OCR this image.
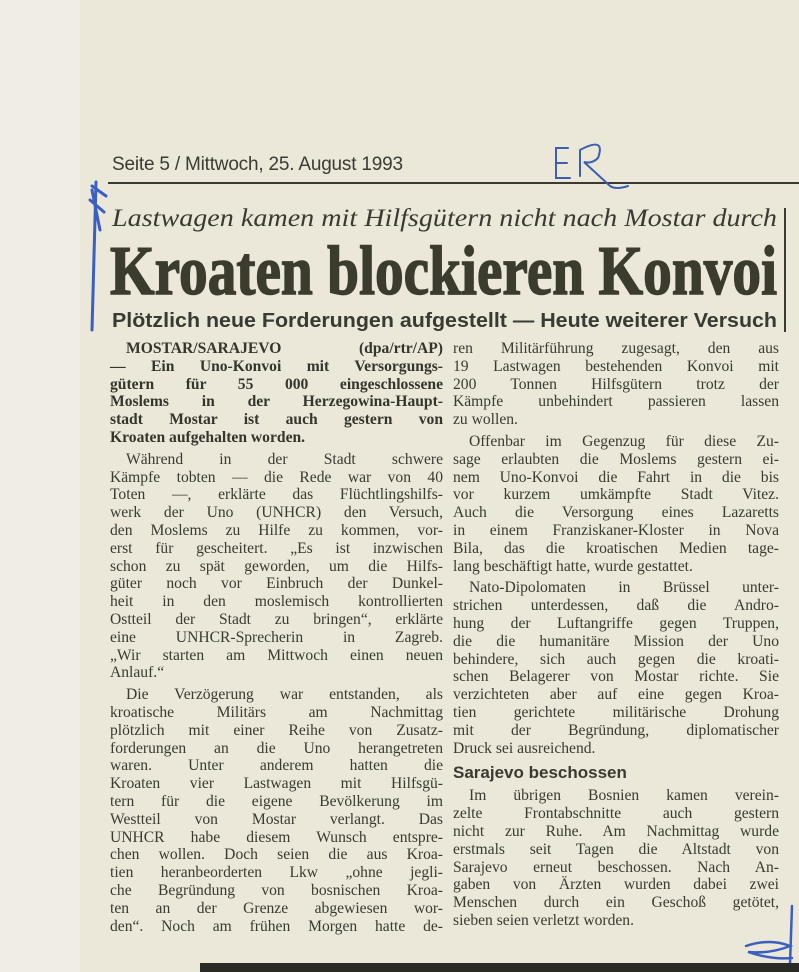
Seite 5 / Mittwoch, 25. August 1993
Lastwagen kamen mit Hilfsgütern nicht nach Mostar durch
Kroaten blockieren Konvoi
Plötzlich neue Forderungen aufgestellt — Heute weiterer Versuch
MOSTAR/SARAJEVO (dpa/rtr/AP)
— Ein Uno-Konvoi mit Versorgungs-
gütern für 55 000 eingeschlossene
Moslems in der Herzegowina-Haupt-
stadt Mostar ist auch gestern von
Kroaten aufgehalten worden.
Während in der Stadt schwere
Kämpfe tobten — die Rede war von 40
Toten —, erklärte das Flüchtlingshilfs-
werk der Uno (UNHCR) den Versuch,
den Moslems zu Hilfe zu kommen, vor-
erst für gescheitert. „Es ist inzwischen
schon zu spät geworden, um die Hilfs-
güter noch vor Einbruch der Dunkel-
heit in den moslemisch kontrollierten
Ostteil der Stadt zu bringen“, erklärte
eine UNHCR-Sprecherin in Zagreb.
„Wir starten am Mittwoch einen neuen
Anlauf.“
Die Verzögerung war entstanden, als
kroatische Militärs am Nachmittag
plötzlich mit einer Reihe von Zusatz-
forderungen an die Uno herangetreten
waren. Unter anderem hatten die
Kroaten vier Lastwagen mit Hilfsgü-
tern für die eigene Bevölkerung im
Westteil von Mostar verlangt. Das
UNHCR habe diesem Wunsch entspre-
chen wollen. Doch seien die aus Kroa-
tien heranbeorderten Lkw „ohne jegli-
che Begründung von bosnischen Kroa-
ten an der Grenze abgewiesen wor-
den“. Noch am frühen Morgen hatte de-
ren Militärführung zugesagt, den aus
19 Lastwagen bestehenden Konvoi mit
200 Tonnen Hilfsgütern trotz der
Kämpfe unbehindert passieren lassen
zu wollen.
Offenbar im Gegenzug für diese Zu-
sage erlaubten die Moslems gestern ei-
nem Uno-Konvoi die Fahrt in die bis
vor kurzem umkämpfte Stadt Vitez.
Auch die Versorgung eines Lazaretts
in einem Franziskaner-Kloster in Nova
Bila, das die kroatischen Medien tage-
lang beschäftigt hatte, wurde gestattet.
Nato-Dipolomaten in Brüssel unter-
strichen unterdessen, daß die Andro-
hung der Luftangriffe gegen Truppen,
die die humanitäre Mission der Uno
behindere, sich auch gegen die kroati-
schen Belagerer von Mostar richte. Sie
verzichteten aber auf eine gegen Kroa-
tien gerichtete militärische Drohung
mit der Begründung, diplomatischer
Druck sei ausreichend.
Sarajevo beschossen
Im übrigen Bosnien kamen verein-
zelte Frontabschnitte auch gestern
nicht zur Ruhe. Am Nachmittag wurde
erstmals seit Tagen die Altstadt von
Sarajevo erneut beschossen. Nach An-
gaben von Ärzten wurden dabei zwei
Menschen durch ein Geschoß getötet,
sieben seien verletzt worden.
